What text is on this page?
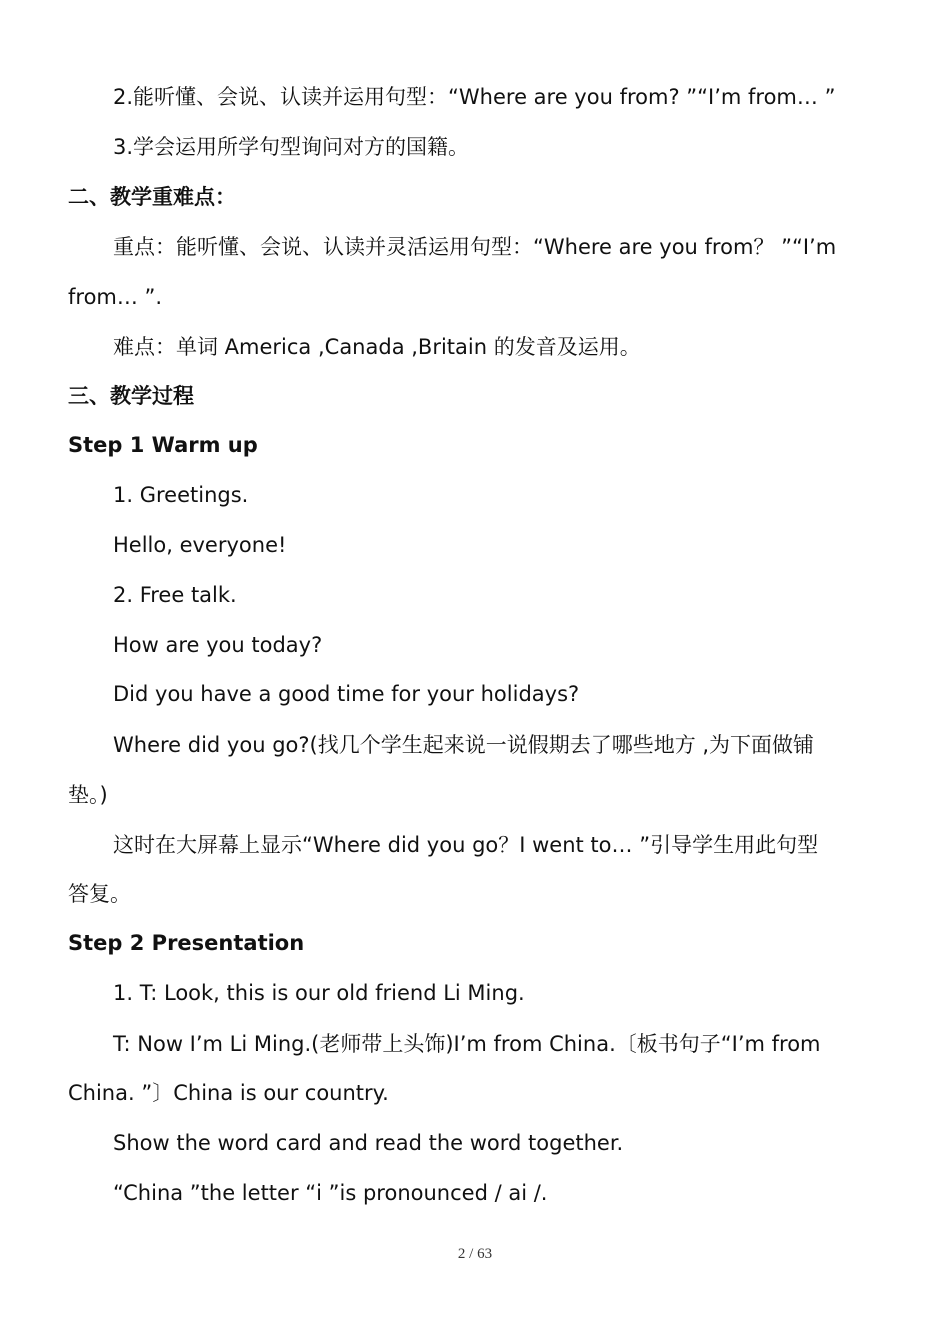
2.能听懂、会说、认读并运用句型：“Where are you from? ”“I’m from… ”
3.学会运用所学句型询问对方的国籍。
二、教学重难点：
重点：能听懂、会说、认读并灵活运用句型：“Where are you from？ ”“I’m
from… ”.
难点：单词 America ,Canada ,Britain 的发音及运用。
三、教学过程
Step 1 Warm up
1. Greetings.
Hello, everyone!
2. Free talk.
How are you today?
Did you have a good time for your holidays?
Where did you go?(找几个学生起来说一说假期去了哪些地方 ,为下面做铺
垫。)
这时在大屏幕上显示“Where did you go？I went to… ”引导学生用此句型
答复。
Step 2 Presentation
1. T: Look, this is our old friend Li Ming.
T: Now I’m Li Ming.(老师带上头饰)I’m from China.〔板书句子“I’m from
China. ”〕China is our country.
Show the word card and read the word together.
“China ”the letter “i ”is pronounced / ai /.
2 / 63
